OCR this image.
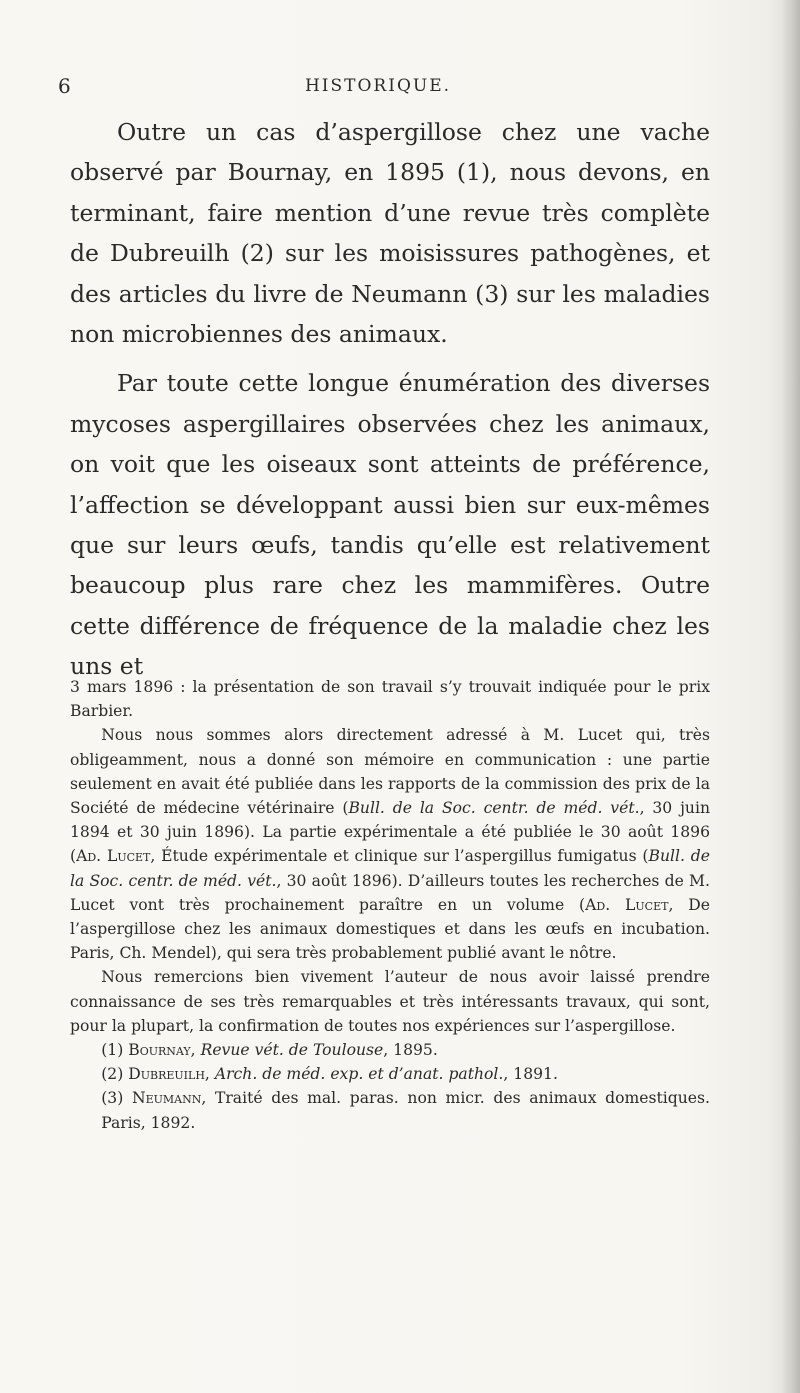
6	HISTORIQUE.

Outre un cas d’aspergillose chez une vache observé par Bournay, en 1895 (1), nous devons, en terminant, faire mention d’une revue très complète de Dubreuilh (2) sur les moisissures pathogènes, et des articles du livre de Neumann (3) sur les maladies non microbiennes des animaux.

Par toute cette longue énumération des diverses mycoses aspergillaires observées chez les animaux, on voit que les oiseaux sont atteints de préférence, l’affection se développant aussi bien sur eux-mêmes que sur leurs œufs, tandis qu’elle est relativement beaucoup plus rare chez les mammifères. Outre cette différence de fréquence de la maladie chez les uns et

3 mars 1896 : la présentation de son travail s’y trouvait indiquée pour le prix Barbier.

Nous nous sommes alors directement adressé à M. Lucet qui, très obligeamment, nous a donné son mémoire en communication : une partie seulement en avait été publiée dans les rapports de la commission des prix de la Société de médecine vétérinaire (Bull. de la Soc. centr. de méd. vét., 30 juin 1894 et 30 juin 1896). La partie expérimentale a été publiée le 30 août 1896 (Ad. Lucet, Étude expérimentale et clinique sur l’aspergillus fumigatus (Bull. de la Soc. centr. de méd. vét., 30 août 1896). D’ailleurs toutes les recherches de M. Lucet vont très prochainement paraître en un volume (Ad. Lucet, De l’aspergillose chez les animaux domestiques et dans les œufs en incubation. Paris, Ch. Mendel), qui sera très probablement publié avant le nôtre.

Nous remercions bien vivement l’auteur de nous avoir laissé prendre connaissance de ses très remarquables et très intéressants travaux, qui sont, pour la plupart, la confirmation de toutes nos expériences sur l’aspergillose.

(1) Bournay, Revue vét. de Toulouse, 1895.

(2) Dubreuilh, Arch. de méd. exp. et d’anat. pathol., 1891.

(3) Neumann, Traité des mal. paras. non micr. des animaux domestiques. Paris, 1892.
